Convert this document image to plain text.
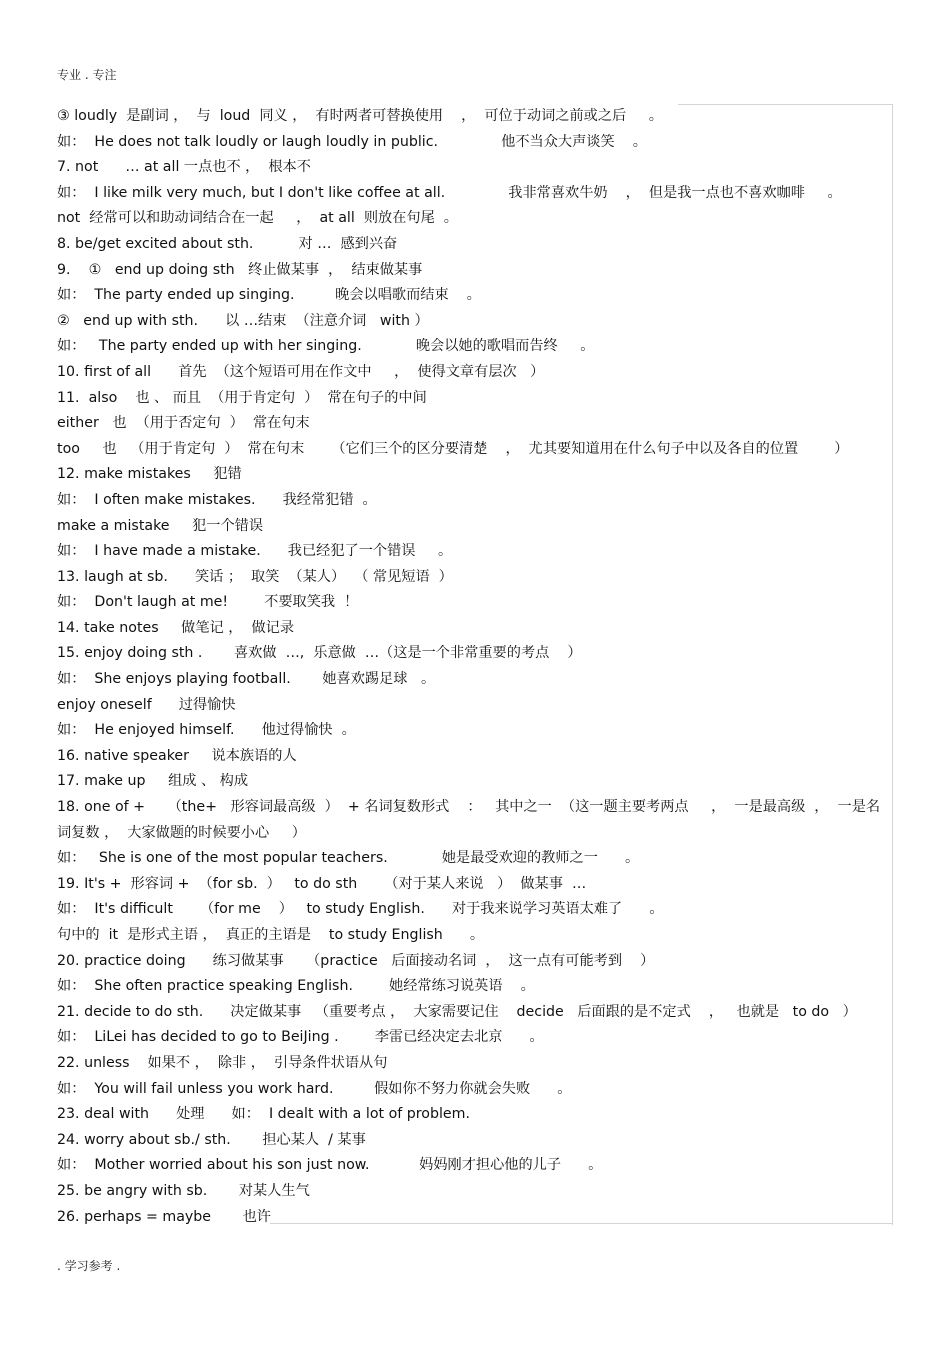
专业 . 专注
③ loudly  是副词 ，  与  loud  同义 ，  有时两者可替换使用    ，  可位于动词之前或之后     。
如：  He does not talk loudly or laugh loudly in public.              他不当众大声谈笑    。
7. not      … at all 一点也不 ，  根本不
如：  I like milk very much, but I don't like coffee at all.              我非常喜欢牛奶    ，  但是我一点也不喜欢咖啡     。
not  经常可以和助动词结合在一起     ，  at all  则放在句尾  。
8. be/get excited about sth.          对 …  感到兴奋
9.    ①   end up doing sth   终止做某事  ，  结束做某事
如：  The party ended up singing.         晚会以唱歌而结束    。
②   end up with sth.      以 …结束  （注意介词   with ）
如：   The party ended up with her singing.            晚会以她的歌唱而告终     。
10. first of all      首先  （这个短语可用在作文中     ，  使得文章有层次   ）
11.  also    也 、 而且  （用于肯定句  ）  常在句子的中间
either   也  （用于否定句  ）  常在句末
too     也   （用于肯定句  ）  常在句末      （它们三个的区分要清楚    ，  尤其要知道用在什么句子中以及各自的位置        ）
12. make mistakes     犯错
如：  I often make mistakes.      我经常犯错  。
make a mistake     犯一个错误
如：  I have made a mistake.      我已经犯了一个错误     。
13. laugh at sb.      笑话 ；  取笑  （某人）  （ 常见短语  ）
如：  Don't laugh at me!        不要取笑我  ！
14. take notes     做笔记 ，  做记录
15. enjoy doing sth .       喜欢做  …,  乐意做  …（这是一个非常重要的考点    ）
如：  She enjoys playing football.       她喜欢踢足球   。
enjoy oneself      过得愉快
如：  He enjoyed himself.      他过得愉快  。
16. native speaker     说本族语的人
17. make up     组成 、 构成
18. one of +     （the+   形容词最高级  ）  + 名词复数形式    ：   其中之一  （这一题主要考两点     ，  一是最高级  ，  一是名词复数 ，  大家做题的时候要小心     ）
如：   She is one of the most popular teachers.            她是最受欢迎的教师之一      。
19. It's +  形容词 +  （for sb.  ）   to do sth      （对于某人来说   ）  做某事  …
如：  It's difficult      （for me    ）   to study English.      对于我来说学习英语太难了      。
句中的  it  是形式主语 ，  真正的主语是    to study English      。
20. practice doing      练习做某事     （practice   后面接动名词  ，  这一点有可能考到    ）
如：  She often practice speaking English.        她经常练习说英语    。
21. decide to do sth.      决定做某事   （重要考点 ，  大家需要记住    decide   后面跟的是不定式    ，   也就是   to do   ）
如：  LiLei has decided to go to BeiJing .        李雷已经决定去北京      。
22. unless    如果不 ，  除非 ，  引导条件状语从句
如：  You will fail unless you work hard.         假如你不努力你就会失败      。
23. deal with      处理      如：  I dealt with a lot of problem.
24. worry about sb./ sth.       担心某人  / 某事
如：  Mother worried about his son just now.           妈妈刚才担心他的儿子      。
25. be angry with sb.       对某人生气
26. perhaps = maybe       也许
. 学习参考 .
